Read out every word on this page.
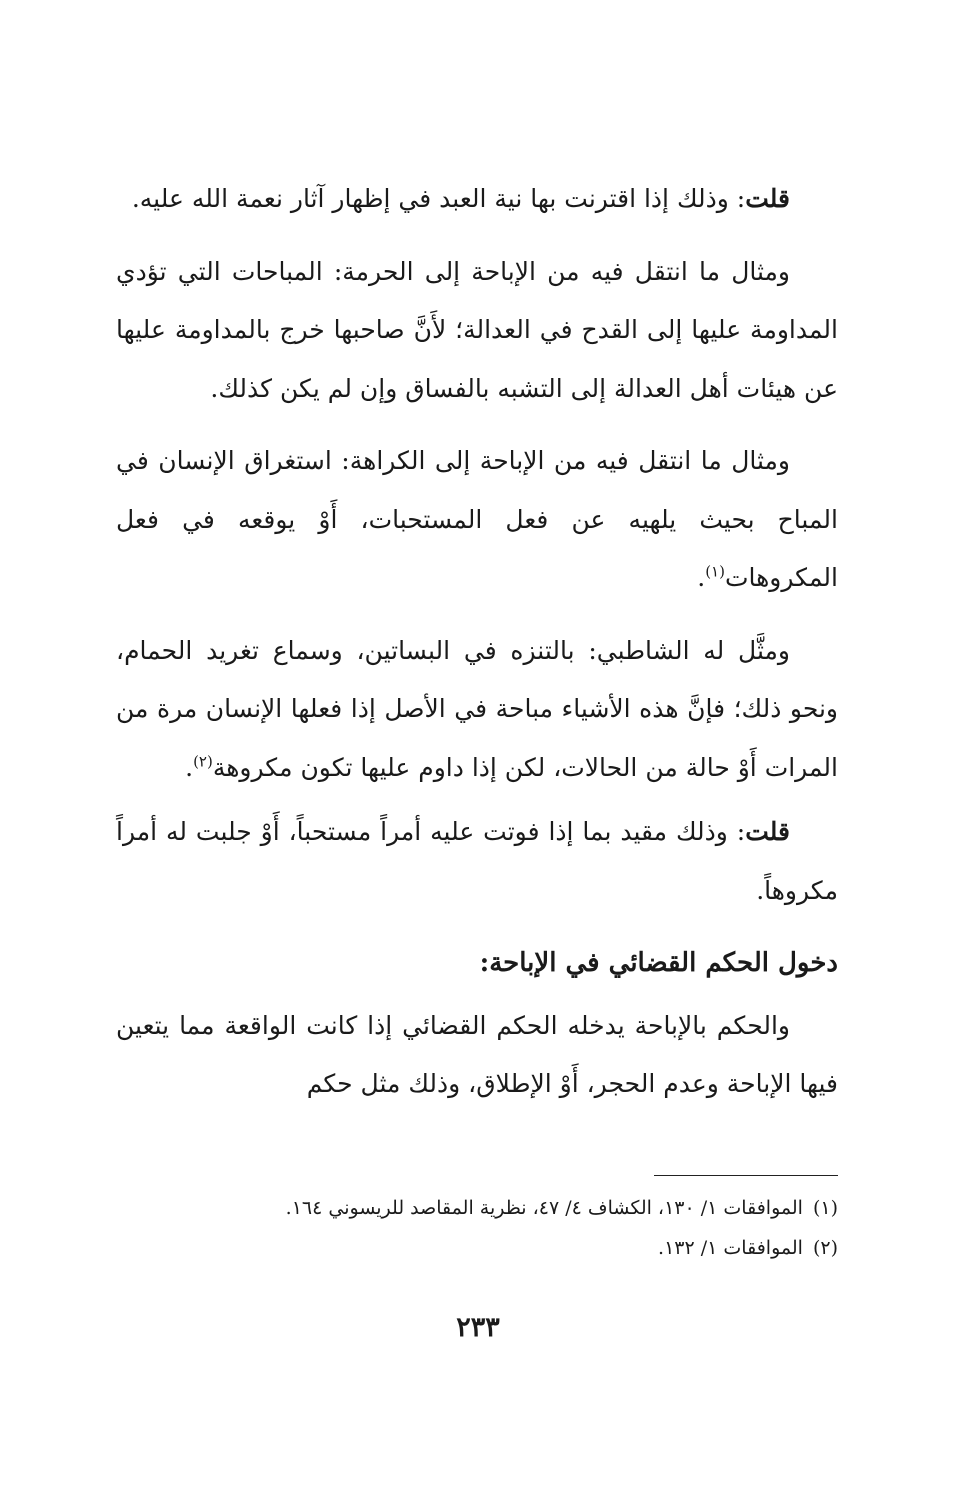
قلت: وذلك إذا اقترنت بها نية العبد في إظهار آثار نعمة الله عليه.

ومثال ما انتقل فيه من الإباحة إلى الحرمة: المباحات التي تؤدي المداومة عليها إلى القدح في العدالة؛ لأَنَّ صاحبها خرج بالمداومة عليها عن هيئات أهل العدالة إلى التشبه بالفساق وإن لم يكن كذلك.

ومثال ما انتقل فيه من الإباحة إلى الكراهة: استغراق الإنسان في المباح بحيث يلهيه عن فعل المستحبات، أَوْ يوقعه في فعل المكروهات$^{(١)}$.

ومثَّل له الشاطبي: بالتنزه في البساتين، وسماع تغريد الحمام، ونحو ذلك؛ فإنَّ هذه الأشياء مباحة في الأصل إذا فعلها الإنسان مرة من المرات أَوْ حالة من الحالات، لكن إذا داوم عليها تكون مكروهة$^{(٢)}$.

قلت: وذلك مقيد بما إذا فوتت عليه أمراً مستحباً، أَوْ جلبت له أمراً مكروهاً.

دخول الحكم القضائي في الإباحة:

والحكم بالإباحة يدخله الحكم القضائي إذا كانت الواقعة مما يتعين فيها الإباحة وعدم الحجر، أَوْ الإطلاق، وذلك مثل حكم

(١)الموافقات ١/ ١٣٠، الكشاف ٤/ ٤٧، نظرية المقاصد للريسوني ١٦٤.

(٢)الموافقات ١/ ١٣٢.

٢٣٣
